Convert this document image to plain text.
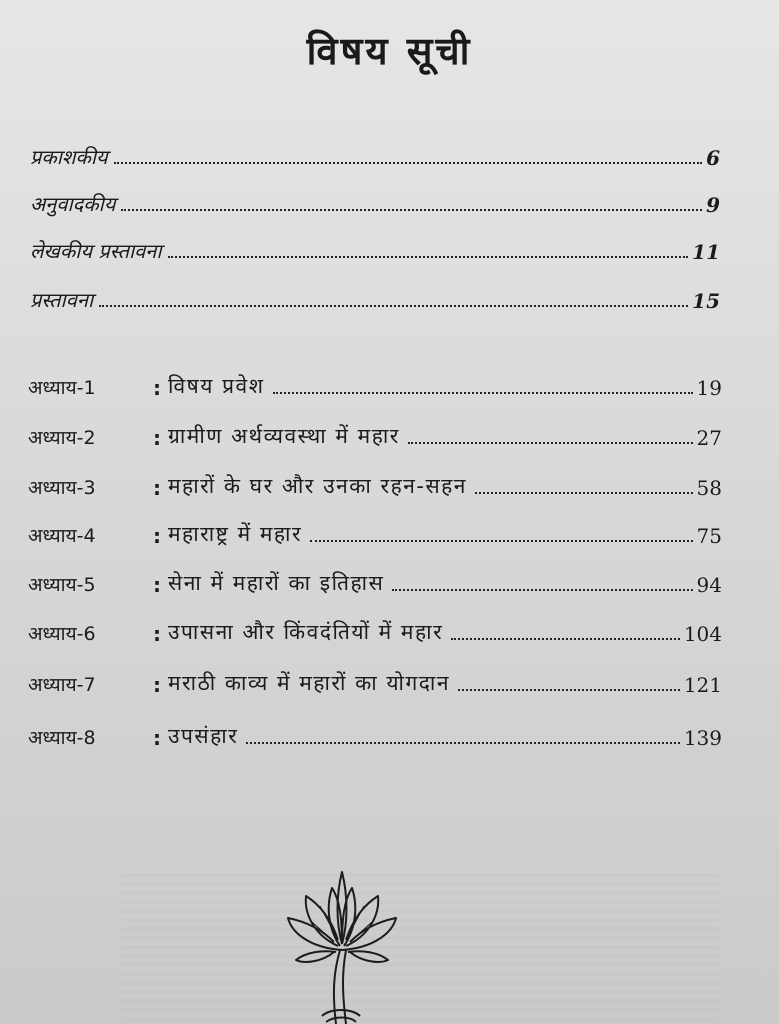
विषय सूची
प्रकाशकीय	6
अनुवादकीय	9
लेखकीय प्रस्तावना	11
प्रस्तावना	15
अध्याय-1	: विषय प्रवेश	19
अध्याय-2	: ग्रामीण अर्थव्यवस्था में महार	27
अध्याय-3	: महारों के घर और उनका रहन-सहन	58
अध्याय-4	: महाराष्ट्र में महार	75
अध्याय-5	: सेना में महारों का इतिहास	94
अध्याय-6	: उपासना और किंवदंतियों में महार	104
अध्याय-7	: मराठी काव्य में महारों का योगदान	121
अध्याय-8	: उपसंहार	139
